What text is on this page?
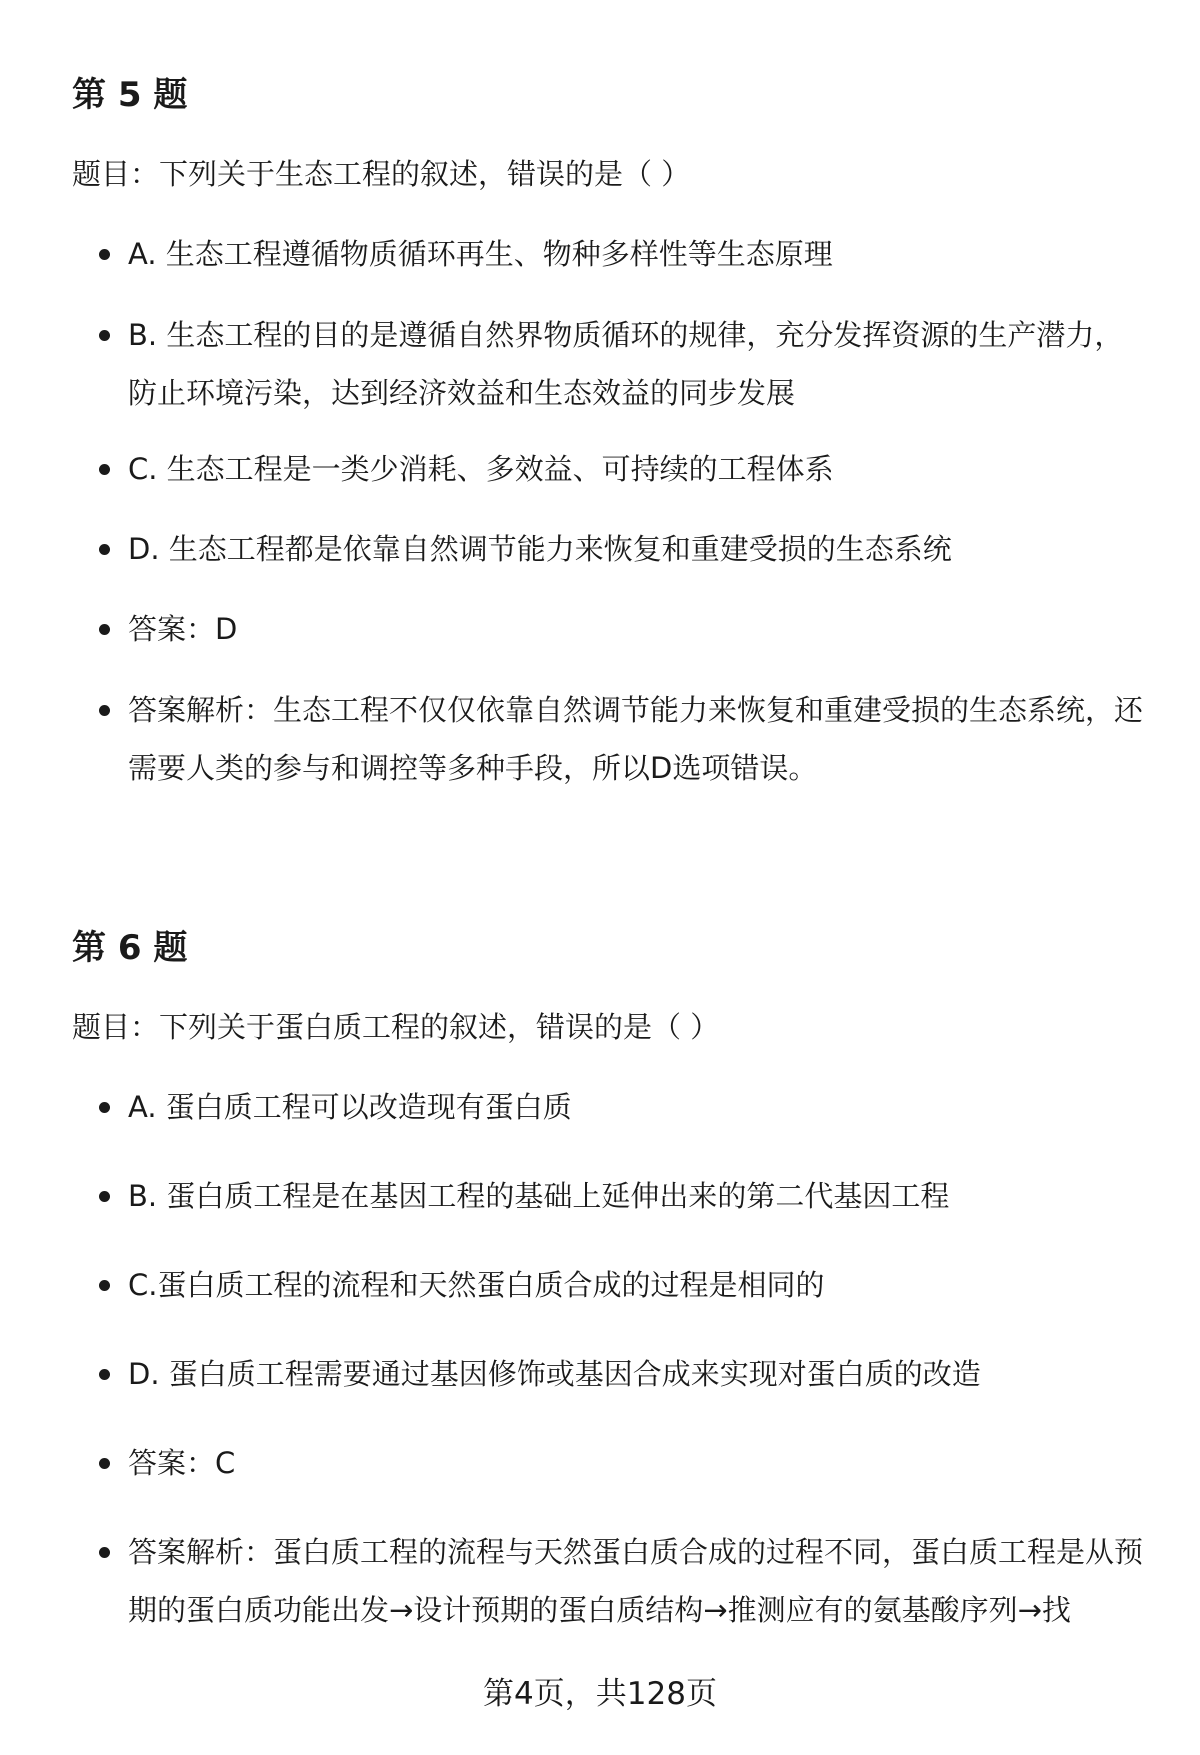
第 5 题

题目：下列关于生态工程的叙述，错误的是（ ）

A. 生态工程遵循物质循环再生、物种多样性等生态原理
B. 生态工程的目的是遵循自然界物质循环的规律，充分发挥资源的生产潜力，防止环境污染，达到经济效益和生态效益的同步发展
C. 生态工程是一类少消耗、多效益、可持续的工程体系
D. 生态工程都是依靠自然调节能力来恢复和重建受损的生态系统
答案：D
答案解析：生态工程不仅仅依靠自然调节能力来恢复和重建受损的生态系统，还需要人类的参与和调控等多种手段，所以D选项错误。
第 6 题

题目：下列关于蛋白质工程的叙述，错误的是（ ）

A. 蛋白质工程可以改造现有蛋白质
B. 蛋白质工程是在基因工程的基础上延伸出来的第二代基因工程
C.蛋白质工程的流程和天然蛋白质合成的过程是相同的
D. 蛋白质工程需要通过基因修饰或基因合成来实现对蛋白质的改造
答案：C
答案解析：蛋白质工程的流程与天然蛋白质合成的过程不同，蛋白质工程是从预期的蛋白质功能出发→设计预期的蛋白质结构→推测应有的氨基酸序列→找
第4页，共128页
